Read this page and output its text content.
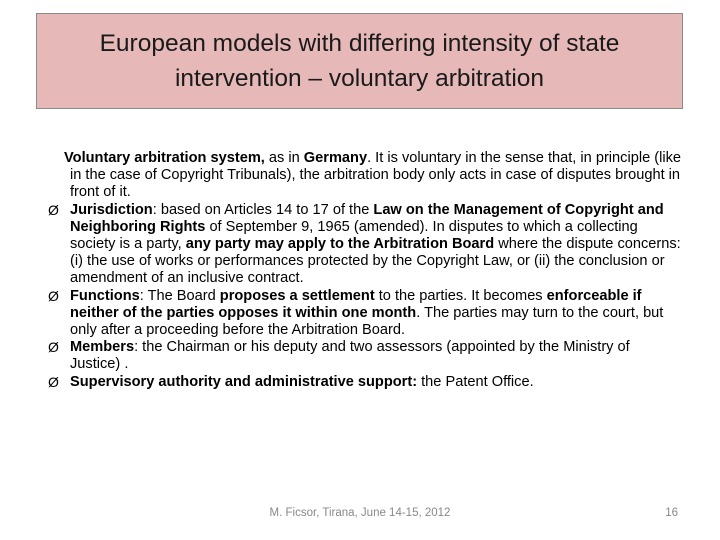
European models with differing intensity of state
intervention – voluntary arbitration
Voluntary arbitration system, as in Germany. It is voluntary in the sense that, in principle (like in the case of Copyright Tribunals), the arbitration body only acts in case of disputes brought in front of it.
Ø Jurisdiction: based on Articles 14 to 17 of the Law on the Management of Copyright and Neighboring Rights of September 9, 1965 (amended). In disputes to which a collecting society is a party, any party may apply to the Arbitration Board where the dispute concerns: (i) the use of works or performances protected by the Copyright Law, or (ii) the conclusion or amendment of an inclusive contract.
Ø Functions: The Board proposes a settlement to the parties. It becomes enforceable if neither of the parties opposes it within one month. The parties may turn to the court, but only after a proceeding before the Arbitration Board.
Ø Members: the Chairman or his deputy and two assessors (appointed by the Ministry of Justice) .
Ø Supervisory authority and administrative support: the Patent Office.
M. Ficsor, Tirana, June 14-15, 2012	16
